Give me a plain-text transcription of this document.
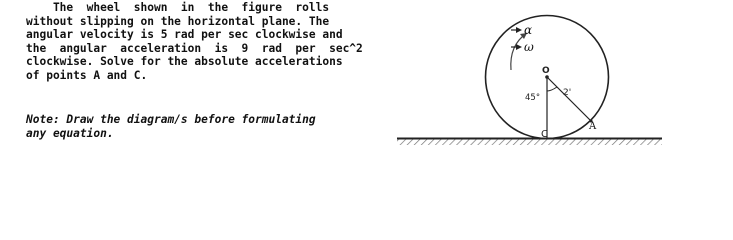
The  wheel  shown  in  the  figure  rolls
without slipping on the horizontal plane. The
angular velocity is 5 rad per sec clockwise and
the  angular  acceleration  is  9  rad  per  sec^2
clockwise. Solve for the absolute accelerations
of points A and C.
Note: Draw the diagram/s before formulating
any equation.
α
ω
O
45°	2'
A
C
